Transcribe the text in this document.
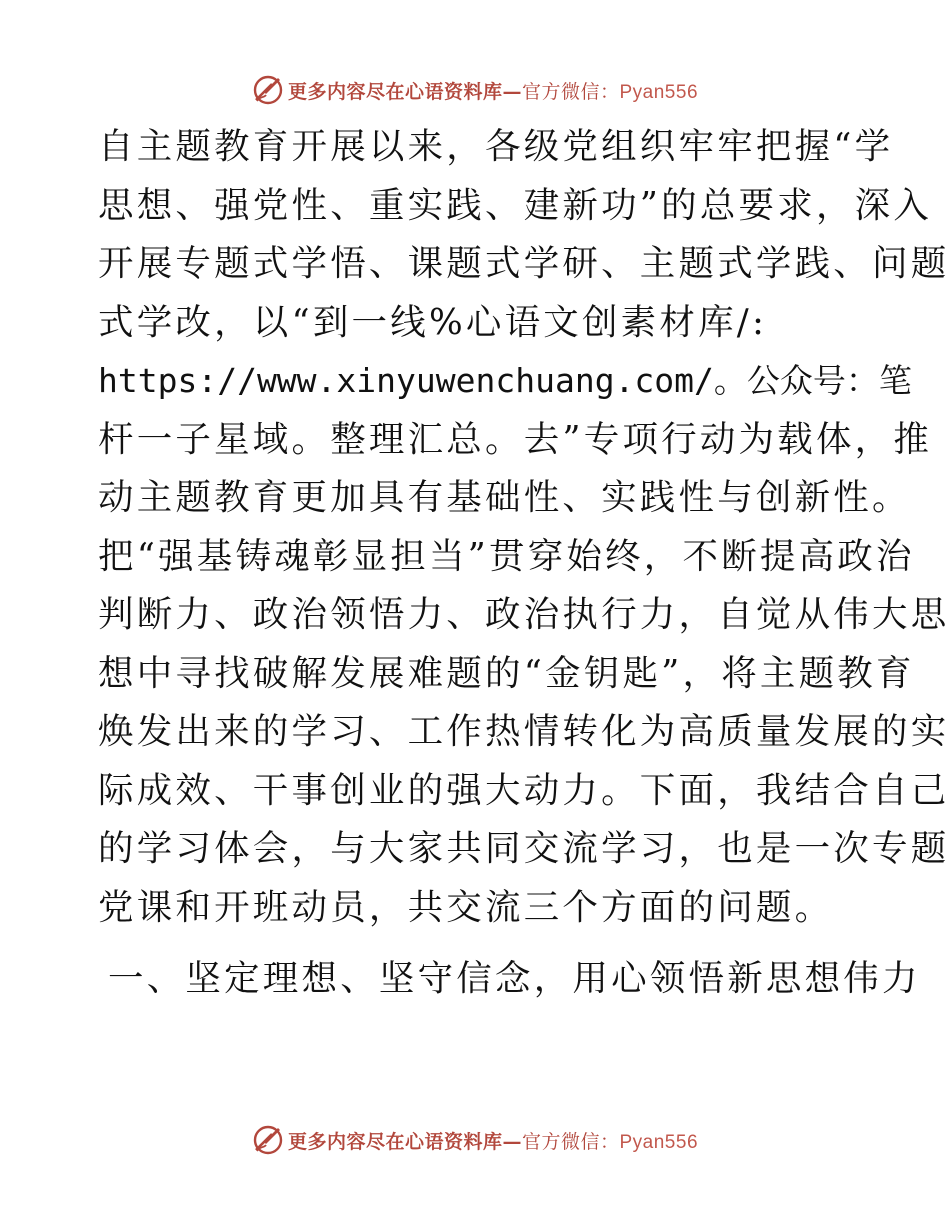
更多内容尽在心语资料库—官方微信：Pyan556
自主题教育开展以来，各级党组织牢牢把握“学
思想、强党性、重实践、建新功”的总要求，深入
开展专题式学悟、课题式学研、主题式学践、问题
式学改，以“到一线%心语文创素材库/:
https://www.xinyuwenchuang.com/。公众号：笔
杆一子星域。整理汇总。去”专项行动为载体，推
动主题教育更加具有基础性、实践性与创新性。
把“强基铸魂彰显担当”贯穿始终，不断提高政治
判断力、政治领悟力、政治执行力，自觉从伟大思
想中寻找破解发展难题的“金钥匙”，将主题教育
焕发出来的学习、工作热情转化为高质量发展的实
际成效、干事创业的强大动力。下面，我结合自己
的学习体会，与大家共同交流学习，也是一次专题
党课和开班动员，共交流三个方面的问题。
一、坚定理想、坚守信念，用心领悟新思想伟力
更多内容尽在心语资料库—官方微信：Pyan556
